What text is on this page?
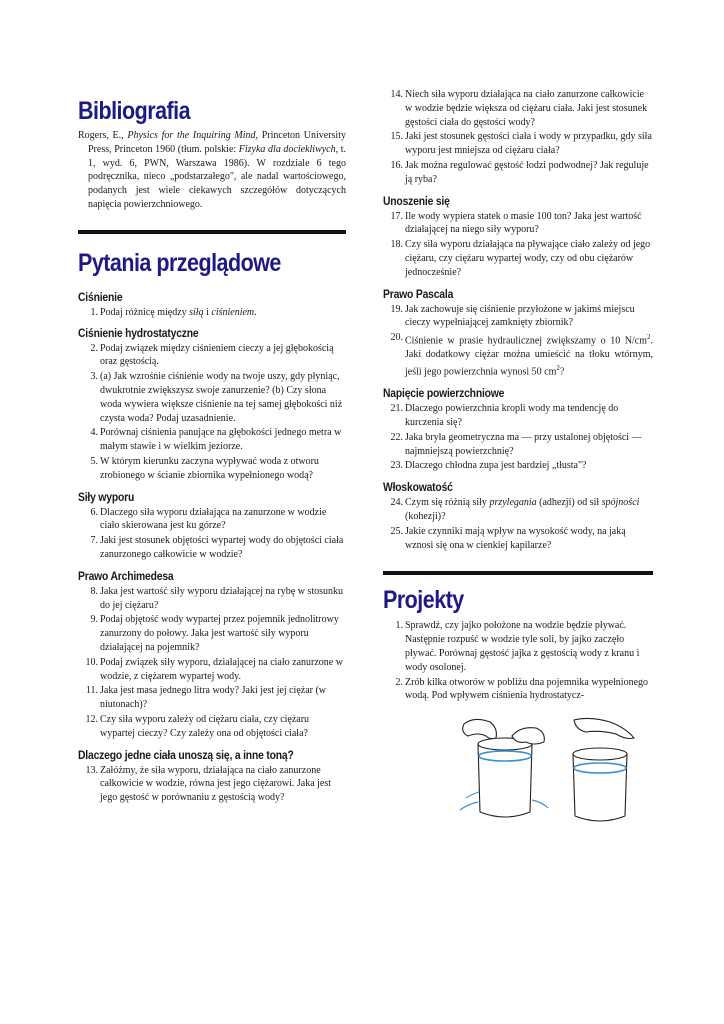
Bibliografia

Rogers, E., Physics for the Inquiring Mind, Princeton University Press, Princeton 1960 (tłum. polskie: Fizyka dla dociekliwych, t. 1, wyd. 6, PWN, Warszawa 1986). W rozdziale 6 tego podręcznika, nieco „podstarzałego", ale nadal wartościowego, podanych jest wiele ciekawych szczegółów dotyczących napięcia powierzchniowego.

Pytania przeglądowe
Ciśnienie
1. Podaj różnicę między siłą i ciśnieniem.
Ciśnienie hydrostatyczne
2. Podaj związek między ciśnieniem cieczy a jej głębokością oraz gęstością.
3. (a) Jak wzrośnie ciśnienie wody na twoje uszy, gdy płyniąc, dwukrotnie zwiększysz swoje zanurzenie? (b) Czy słona woda wywiera większe ciśnienie na tej samej głębokości niż czysta woda? Podaj uzasadnienie.
4. Porównaj ciśnienia panujące na głębokości jednego metra w małym stawie i w wielkim jeziorze.
5. W którym kierunku zaczyna wypływać woda z otworu zrobionego w ścianie zbiornika wypełnionego wodą?
Siły wyporu
6. Dlaczego siła wyporu działająca na zanurzone w wodzie ciało skierowana jest ku górze?
7. Jaki jest stosunek objętości wypartej wody do objętości ciała zanurzonego całkowicie w wodzie?
Prawo Archimedesa
8. Jaka jest wartość siły wyporu działającej na rybę w stosunku do jej ciężaru?
9. Podaj objętość wody wypartej przez pojemnik jednolitrowy zanurzony do połowy. Jaka jest wartość siły wyporu działającej na pojemnik?
10. Podaj związek siły wyporu, działającej na ciało zanurzone w wodzie, z ciężarem wypartej wody.
11. Jaka jest masa jednego litra wody? Jaki jest jej ciężar (w niutonach)?
12. Czy siła wyporu zależy od ciężaru ciała, czy ciężaru wypartej cieczy? Czy zależy ona od objętości ciała?
Dlaczego jedne ciała unoszą się, a inne toną?
13. Załóżmy, że siła wyporu, działająca na ciało zanurzone całkowicie w wodzie, równa jest jego ciężarowi. Jaka jest jego gęstość w porównaniu z gęstością wody?
14. Niech siła wyporu działająca na ciało zanurzone całkowicie w wodzie będzie większa od ciężaru ciała. Jaki jest stosunek gęstości ciała do gęstości wody?
15. Jaki jest stosunek gęstości ciała i wody w przypadku, gdy siła wyporu jest mniejsza od ciężaru ciała?
16. Jak można regulować gęstość łodzi podwodnej? Jak reguluje ją ryba?
Unoszenie się
17. Ile wody wypiera statek o masie 100 ton? Jaka jest wartość działającej na niego siły wyporu?
18. Czy siła wyporu działająca na pływające ciało zależy od jego ciężaru, czy ciężaru wypartej wody, czy od obu ciężarów jednocześnie?
Prawo Pascala
19. Jak zachowuje się ciśnienie przyłożone w jakimś miejscu cieczy wypełniającej zamknięty zbiornik?
20. Ciśnienie w prasie hydraulicznej zwiększamy o 10 $N/cm^2$. Jaki dodatkowy ciężar można umieścić na tłoku wtórnym, jeśli jego powierzchnia wynosi 50 $cm^2$?
Napięcie powierzchniowe
21. Dlaczego powierzchnia kropli wody ma tendencję do kurczenia się?
22. Jaka bryła geometryczna ma — przy ustalonej objętości — najmniejszą powierzchnię?
23. Dlaczego chłodna zupa jest bardziej „tłusta"?
Włoskowatość
24. Czym się różnią siły przylegania (adhezji) od sił spójności (kohezji)?
25. Jakie czynniki mają wpływ na wysokość wody, na jaką wznosi się ona w cienkiej kapilarze?
Projekty
1. Sprawdź, czy jajko położone na wodzie będzie pływać. Następnie rozpuść w wodzie tyle soli, by jajko zaczęło pływać. Porównaj gęstość jajka z gęstością wody z kranu i wody osolonej.
2. Zrób kilka otworów w pobliżu dna pojemnika wypełnionego wodą. Pod wpływem ciśnienia hydrostatycz-
